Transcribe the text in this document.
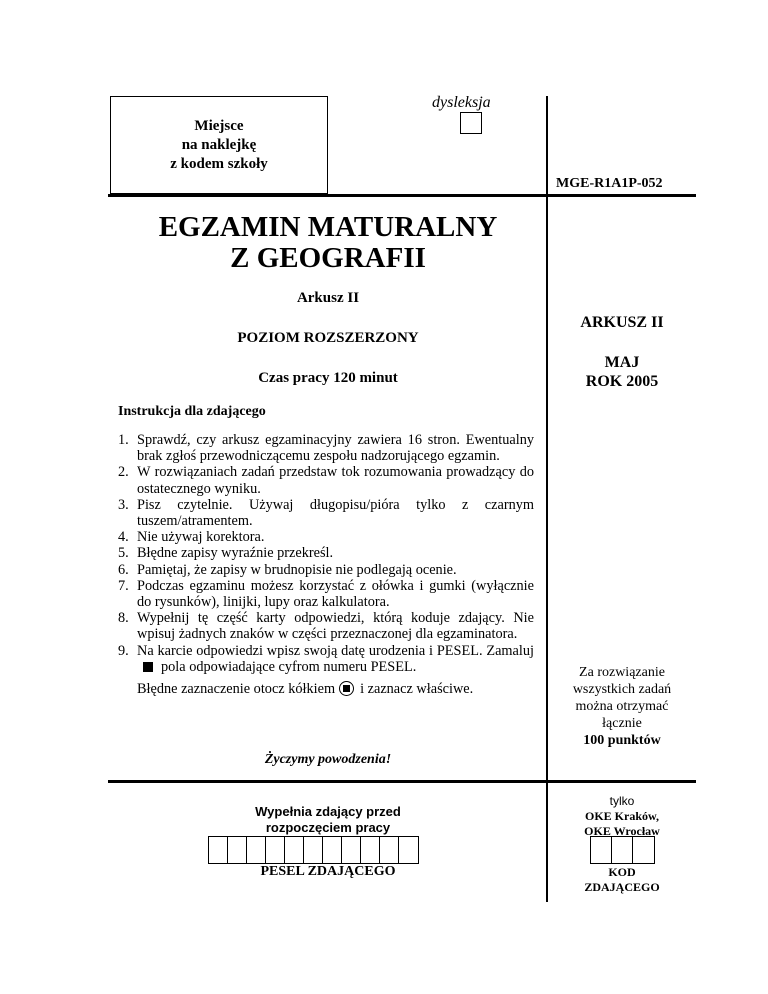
Miejsce
na naklejkę
z kodem szkoły
dysleksja
MGE-R1A1P-052
EGZAMIN MATURALNY
Z GEOGRAFII
Arkusz II
POZIOM ROZSZERZONY
Czas pracy 120 minut
ARKUSZ II
MAJ
ROK 2005
Instrukcja dla zdającego
1. Sprawdź, czy arkusz egzaminacyjny zawiera 16 stron. Ewentualny brak zgłoś przewodniczącemu zespołu nadzorującego egzamin.
2. W rozwiązaniach zadań przedstaw tok rozumowania prowadzący do ostatecznego wyniku.
3. Pisz czytelnie. Używaj długopisu/pióra tylko z czarnym tuszem/atramentem.
4. Nie używaj korektora.
5. Błędne zapisy wyraźnie przekreśl.
6. Pamiętaj, że zapisy w brudnopisie nie podlegają ocenie.
7. Podczas egzaminu możesz korzystać z ołówka i gumki (wyłącznie do rysunków), linijki, lupy oraz kalkulatora.
8. Wypełnij tę część karty odpowiedzi, którą koduje zdający. Nie wpisuj żadnych znaków w części przeznaczonej dla egzaminatora.
9. Na karcie odpowiedzi wpisz swoją datę urodzenia i PESEL. Zamalujpola odpowiadające cyfrom numeru PESEL.
Błędne zaznaczenie otocz kółkiem i zaznacz właściwe.
Życzymy powodzenia!
Za rozwiązanie
wszystkich zadań
można otrzymać
łącznie
100 punktów
Wypełnia zdający przed
rozpoczęciem pracy
PESEL ZDAJĄCEGO
tylko
OKE Kraków,
OKE Wrocław
KOD
ZDAJĄCEGO
